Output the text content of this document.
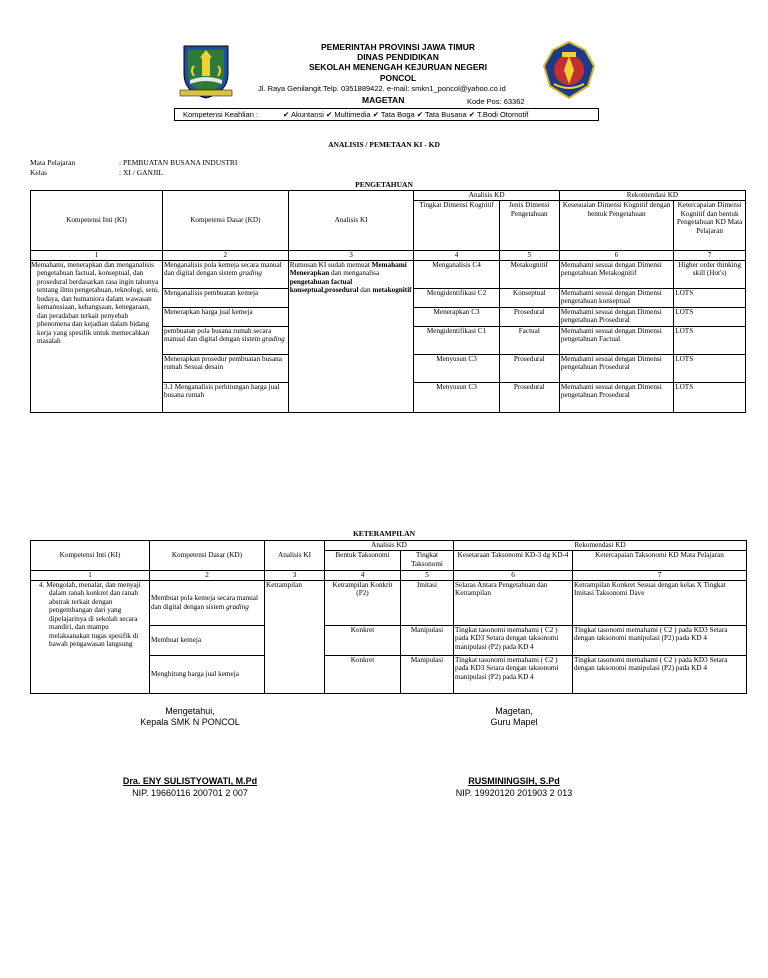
PEMERINTAH PROVINSI JAWA TIMUR
DINAS PENDIDIKAN
SEKOLAH MENENGAH KEJURUAN NEGERI
PONCOL
Jl. Raya Genilangit.Telp. 0351889422. e-mail: smkn1_poncol@yahoo.co.id
MAGETAN	Kode Pos: 63362
Kompetensi Keahlian :	✔ Akuntansi ✔ Multimedia ✔ Tata Boga ✔ Tata Busana ✔ T.Bodi Otomotif
ANALISIS / PEMETAAN KI - KD
Mata Pelajaran	: PEMBUATAN BUSANA INDUSTRI
Kelas	: XI / GANJIL
PENGETAHUAN
Kompetensi Inti (KI)	Kompetensi Dasar (KD)	Analisis KI	Analisis KD		Rekomendasi KD	
			Tingkat Dimensi Kognitif	Jenis Dimensi Pengetahuan	Kesesuaian Dimensi Kognitif dengan bentuk Pengetahuan	Ketercapaian Dimensi Kognitif dan bentuk Pengetahuan KD Mata Pelajaran
1	2	3	4	5	6	7
Memahami, menerapkan dan menganalisis pengetahuan factual, konseptual, dan prosedural berdasarkan rasa ingin tahunya tentang ilmu pengetahuan, teknologi, seni, budaya, dan humaniora dalam wawasan kemanusiaan, kebangsaan, kenegaraan, dan peradaban terkait penyebab phenomena dan kejadian dalam bidang kerja yang spesifik untuk memecahkan masalah	Menganalisis pola kemeja secara manual dan digital dengan sistem grading	Rumusan KI sudah memuat Memahami Menerapkan dan menganalisa pengetahuan factual konseptual,prosedural dan metakognitif	Menganalisis C4	Metakognitif	Memahami sesuai dengan Dimensi pengetahuan Metakognitif	Higher order thinking skill (Hot's)
	Menganalisis pembuatan kemeja		Mengidentifikasi C2	Konseptual	Memahami sesuai dengan Dimensi pengetahuan konseptual	LOTS
	Menerapkan harga jual kemeja		Menerapkan C3	Prosedural	Memahami sesuai dengan Dimensi pengetahuan Prosedural	LOTS
	pembuatan pola busana rumah secara manual dan digital dengan sistem grading		Mengidentifikasi C1	Factual	Memahami sesuai dengan Dimensi pengetahuan Factual	LOTS
	Menerapkan prosedur pembuatan busana rumah Sesuai desain		Menyusun C3	Prosedural	Memahami sesuai dengan Dimensi pengetahuan Prosedural	LOTS
	3.1 Menganalisis perhitungan harga jual busana rumah		Menyusun C3	Prosedural	Memahami sesuai dengan Dimensi pengetahuan Prosedural	LOTS
KETERAMPILAN
Kompetensi Inti (KI)	Kompetensi Dasar (KD)	Analisis KI	Analisis KD		Rekomendasi KD	
			Bentuk Taksonomi	Tingkat Taksonomi	Kesetaraan Taksonomi KD-3 dg KD-4	Ketercapaian Taksonomi KD Mata Pelajaran
1	2	3	4	5	6	7
4. Mengolah, menalar, dan menyaji dalam ranah konkret dan ranah abstrak terkait dengan pengembangan dari yang dipelajarinya di sekolah secara mandiri, dan mampu melaksanakan tugas spesifik di bawah pengawasan langsung	Membuat pola kemeja secara manual dan digital dengan sistem grading	Ketrampilan	Ketrampilan Konkrit (P2)	Imitasi	Selaras Antara Pengetahuan dan Ketrampilan	Ketrampilan Konkret Sesuai dengan kelas X Tingkat Imitasi Taksonomi Dave
	Membuat kemeja		Konkret	Manipulasi	Tingkat tasonomi memahami ( C2 ) pada KD3 Setara dengan taksonomi manipulasi (P2) pada KD 4	Tingkat tasonomi memahami ( C2 ) pada KD3 Setara dengan taksonomi manipulasi (P2) pada KD 4
	Menghitung harga jual kemeja		Konkret	Manipulasi	Tingkat tasonomi memahami ( C2 ) pada KD3 Setara dengan taksonomi manipulasi (P2) pada KD 4	Tingkat tasonomi memahami ( C2 ) pada KD3 Setara dengan taksonomi manipulasi (P2) pada KD 4
Mengetahui,
Kepala SMK N PONCOL
Dra. ENY SULISTYOWATI, M.Pd
NIP. 19660116 200701 2 007
Magetan,
Guru Mapel
RUSMININGSIH, S.Pd
NIP. 19920120 201903 2 013
